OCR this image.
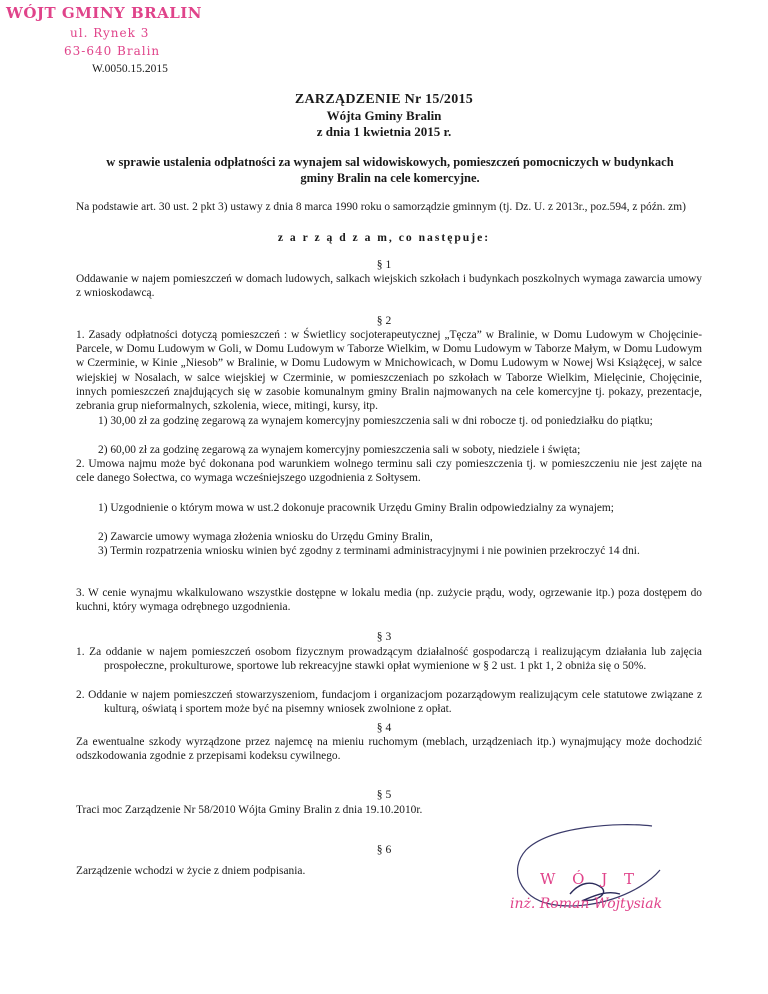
WÓJT GMINY BRALIN
ul. Rynek 3
63-640 Bralin
W.0050.15.2015
ZARZĄDZENIE Nr 15/2015
Wójta Gminy Bralin
z dnia 1 kwietnia 2015 r.
w sprawie ustalenia odpłatności za wynajem sal widowiskowych, pomieszczeń pomocniczych w budynkach gminy Bralin na cele komercyjne.
Na podstawie art. 30 ust. 2 pkt 3) ustawy z dnia 8 marca 1990 roku o samorządzie gminnym (tj. Dz. U. z 2013r., poz.594, z późn. zm)
z a r z ą d z a m, co następuje:
§ 1
Oddawanie w najem pomieszczeń w domach ludowych, salkach wiejskich szkołach i budynkach poszkolnych wymaga zawarcia umowy z wnioskodawcą.
§ 2
1. Zasady odpłatności dotyczą pomieszczeń : w Świetlicy socjoterapeutycznej „Tęcza” w Bralinie, w Domu Ludowym w Chojęcinie-Parcele, w Domu Ludowym w Goli, w Domu Ludowym w Taborze Wielkim, w Domu Ludowym w Taborze Małym, w Domu Ludowym w Czerminie, w Kinie „Niesob” w Bralinie, w Domu Ludowym w Mnichowicach, w Domu Ludowym w Nowej Wsi Książęcej, w salce wiejskiej w Nosalach, w salce wiejskiej w Czerminie, w pomieszczeniach po szkołach w Taborze Wielkim, Mielęcinie, Chojęcinie, innych pomieszczeń znajdujących się w zasobie komunalnym gminy Bralin najmowanych na cele komercyjne tj. pokazy, prezentacje, zebrania grup nieformalnych, szkolenia, wiece, mitingi, kursy, itp.
1) 30,00 zł za godzinę zegarową za wynajem komercyjny pomieszczenia sali w dni robocze tj. od poniedziałku do piątku;
2) 60,00 zł za godzinę zegarową za wynajem komercyjny pomieszczenia sali w soboty, niedziele i święta;
2. Umowa najmu może być dokonana pod warunkiem wolnego terminu sali czy pomieszczenia tj. w pomieszczeniu nie jest zajęte na cele danego Sołectwa, co wymaga wcześniejszego uzgodnienia z Sołtysem.
1) Uzgodnienie o którym mowa w ust.2 dokonuje pracownik Urzędu Gminy Bralin odpowiedzialny za wynajem;
2) Zawarcie umowy wymaga złożenia wniosku do Urzędu Gminy Bralin,
3) Termin rozpatrzenia wniosku winien być zgodny z terminami administracyjnymi i nie powinien przekroczyć 14 dni.
3. W cenie wynajmu wkalkulowano wszystkie dostępne w lokalu media (np. zużycie prądu, wody, ogrzewanie itp.) poza dostępem do kuchni, który wymaga odrębnego uzgodnienia.
§ 3
1. Za oddanie w najem pomieszczeń osobom fizycznym prowadzącym działalność gospodarczą i realizującym działania lub zajęcia prospołeczne, prokulturowe, sportowe lub rekreacyjne stawki opłat wymienione w § 2 ust. 1 pkt 1, 2 obniża się o 50%.
2. Oddanie w najem pomieszczeń stowarzyszeniom, fundacjom i organizacjom pozarządowym realizującym cele statutowe związane z kulturą, oświatą i sportem może być na pisemny wniosek zwolnione z opłat.
§ 4
Za ewentualne szkody wyrządzone przez najemcę na mieniu ruchomym (meblach, urządzeniach itp.) wynajmujący może dochodzić odszkodowania zgodnie z przepisami kodeksu cywilnego.
§ 5
Traci moc Zarządzenie Nr 58/2010 Wójta Gminy Bralin z dnia 19.10.2010r.
§ 6
Zarządzenie wchodzi w życie z dniem podpisania.	W Ó J T
inż. Roman Wojtysiak
